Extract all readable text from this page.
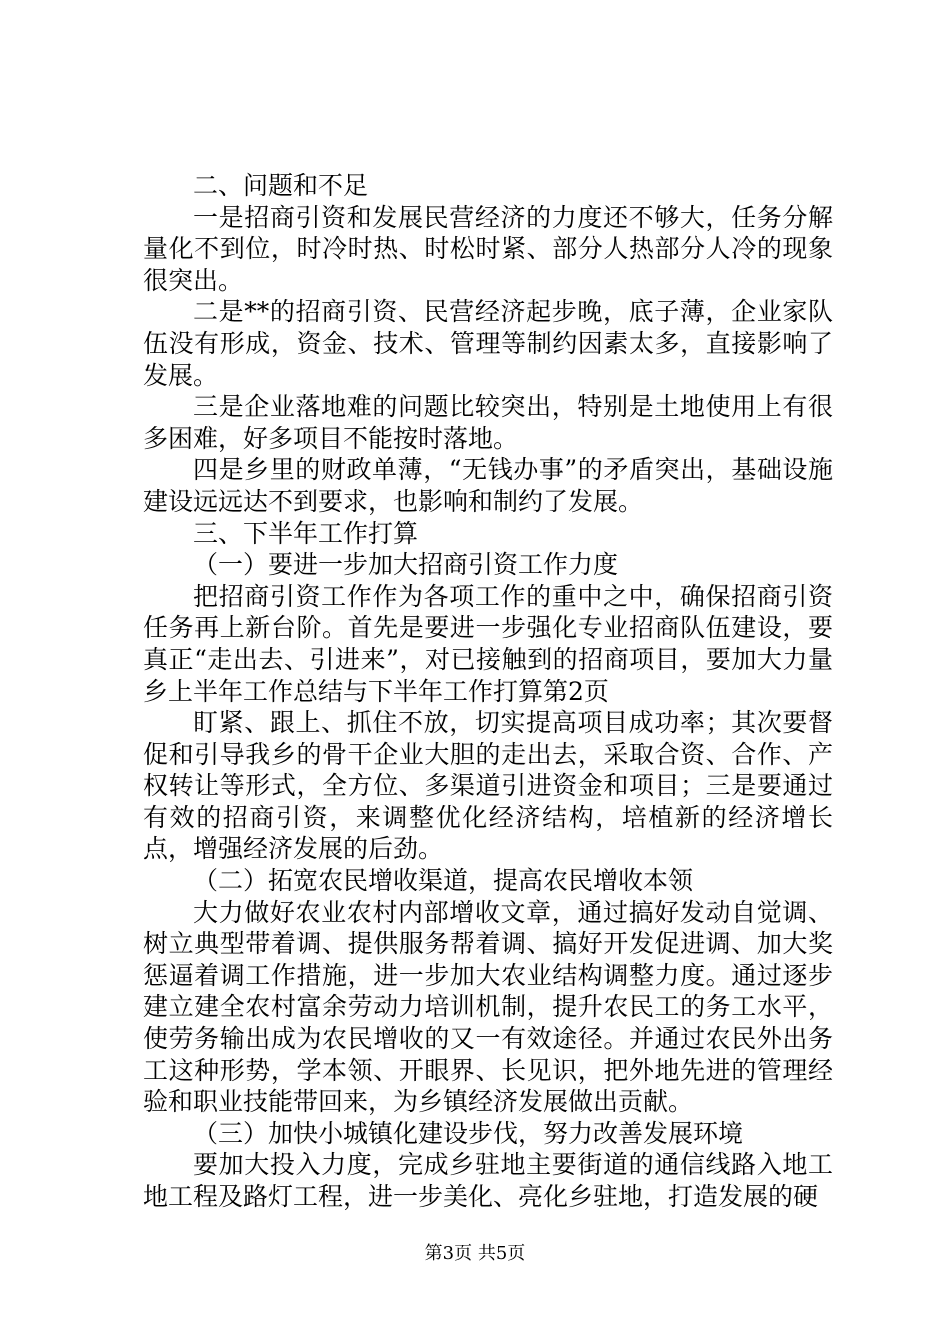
二、问题和不足

一是招商引资和发展民营经济的力度还不够大，任务分解量化不到位，时冷时热、时松时紧、部分人热部分人冷的现象很突出。

二是**的招商引资、民营经济起步晚，底子薄，企业家队伍没有形成，资金、技术、管理等制约因素太多，直接影响了发展。

三是企业落地难的问题比较突出，特别是土地使用上有很多困难，好多项目不能按时落地。

四是乡里的财政单薄，“无钱办事”的矛盾突出，基础设施建设远远达不到要求，也影响和制约了发展。

三、下半年工作打算

（一）要进一步加大招商引资工作力度

把招商引资工作作为各项工作的重中之中，确保招商引资任务再上新台阶。首先是要进一步强化专业招商队伍建设，要真正“走出去、引进来”，对已接触到的招商项目，要加大力量乡上半年工作总结与下半年工作打算第2页

盯紧、跟上、抓住不放，切实提高项目成功率；其次要督促和引导我乡的骨干企业大胆的走出去，采取合资、合作、产权转让等形式，全方位、多渠道引进资金和项目；三是要通过有效的招商引资，来调整优化经济结构，培植新的经济增长点，增强经济发展的后劲。

（二）拓宽农民增收渠道，提高农民增收本领

大力做好农业农村内部增收文章，通过搞好发动自觉调、树立典型带着调、提供服务帮着调、搞好开发促进调、加大奖惩逼着调工作措施，进一步加大农业结构调整力度。通过逐步建立建全农村富余劳动力培训机制，提升农民工的务工水平，使劳务输出成为农民增收的又一有效途径。并通过农民外出务工这种形势，学本领、开眼界、长见识，把外地先进的管理经验和职业技能带回来，为乡镇经济发展做出贡献。

（三）加快小城镇化建设步伐，努力改善发展环境

要加大投入力度，完成乡驻地主要街道的通信线路入地工地工程及路灯工程，进一步美化、亮化乡驻地，打造发展的硬

第3页 共5页
